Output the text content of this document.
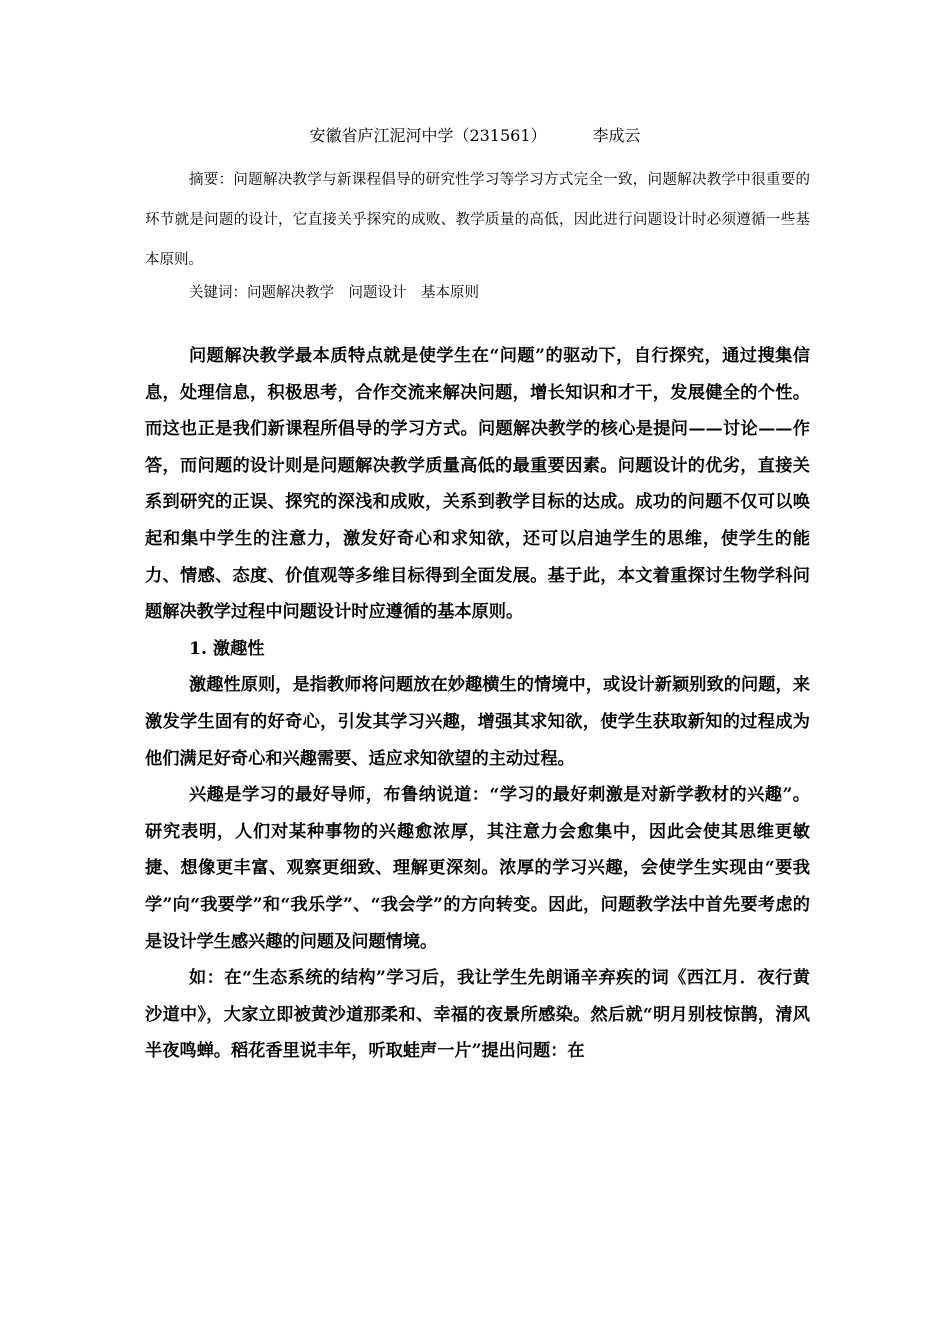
安徽省庐江泥河中学（231561）	李成云

摘要：问题解决教学与新课程倡导的研究性学习等学习方式完全一致，问题解决教学中很重要的环节就是问题的设计，它直接关乎探究的成败、教学质量的高低，因此进行问题设计时必须遵循一些基本原则。

关键词：问题解决教学　问题设计　基本原则

问题解决教学最本质特点就是使学生在“问题”的驱动下，自行探究，通过搜集信息，处理信息，积极思考，合作交流来解决问题，增长知识和才干，发展健全的个性。而这也正是我们新课程所倡导的学习方式。问题解决教学的核心是提问——讨论——作答，而问题的设计则是问题解决教学质量高低的最重要因素。问题设计的优劣，直接关系到研究的正误、探究的深浅和成败，关系到教学目标的达成。成功的问题不仅可以唤起和集中学生的注意力，激发好奇心和求知欲，还可以启迪学生的思维，使学生的能力、情感、态度、价值观等多维目标得到全面发展。基于此，本文着重探讨生物学科问题解决教学过程中问题设计时应遵循的基本原则。

1. 激趣性

激趣性原则，是指教师将问题放在妙趣横生的情境中，或设计新颖别致的问题，来激发学生固有的好奇心，引发其学习兴趣，增强其求知欲，使学生获取新知的过程成为他们满足好奇心和兴趣需要、适应求知欲望的主动过程。

兴趣是学习的最好导师，布鲁纳说道：“学习的最好刺激是对新学教材的兴趣”。研究表明，人们对某种事物的兴趣愈浓厚，其注意力会愈集中，因此会使其思维更敏捷、想像更丰富、观察更细致、理解更深刻。浓厚的学习兴趣，会使学生实现由“要我学”向“我要学”和“我乐学”、“我会学”的方向转变。因此，问题教学法中首先要考虑的是设计学生感兴趣的问题及问题情境。

如：在“生态系统的结构”学习后，我让学生先朗诵辛弃疾的词《西江月．夜行黄沙道中》，大家立即被黄沙道那柔和、幸福的夜景所感染。然后就“明月别枝惊鹊，清风半夜鸣蝉。稻花香里说丰年，听取蛙声一片”提出问题：在
